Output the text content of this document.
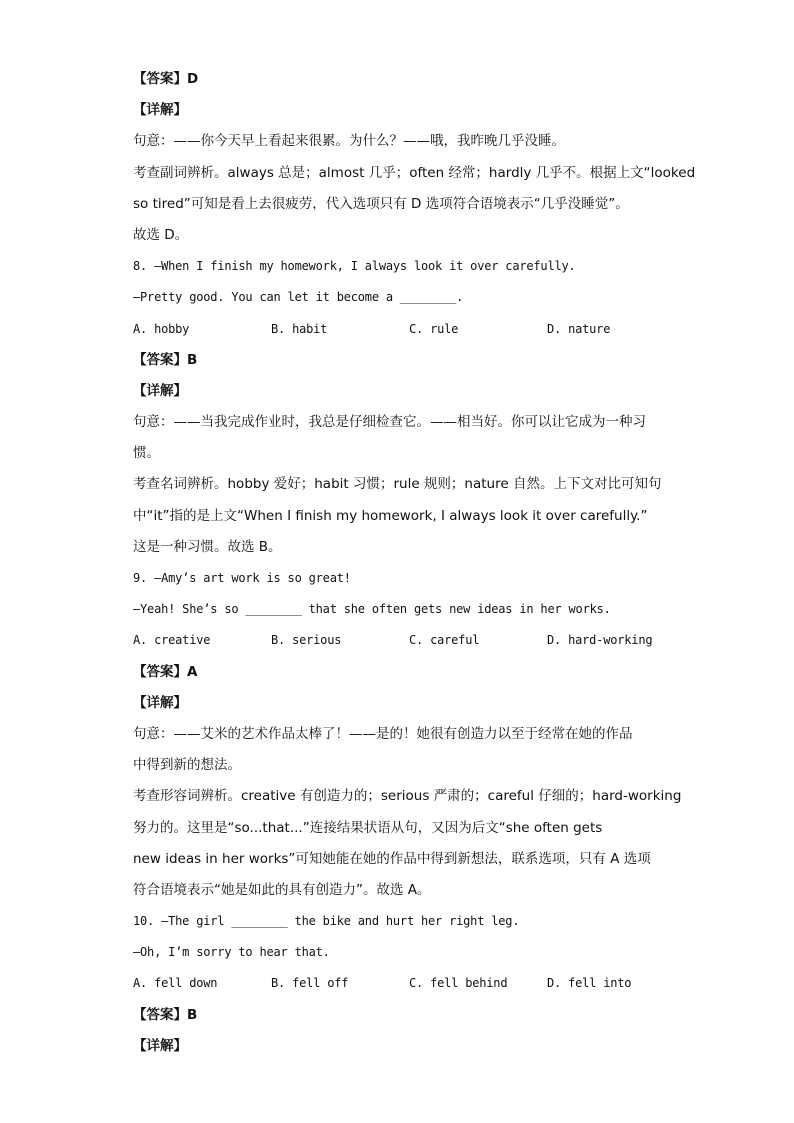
【答案】D
【详解】
句意：——你今天早上看起来很累。为什么？——哦，我昨晚几乎没睡。
考查副词辨析。always 总是；almost 几乎；often 经常；hardly 几乎不。根据上文“looked
so tired”可知是看上去很疲劳，代入选项只有 D 选项符合语境表示“几乎没睡觉”。
故选 D。
8. —When I finish my homework, I always look it over carefully.
—Pretty good. You can let it become a ________.
A. hobby	B. habit	C. rule	D. nature
【答案】B
【详解】
句意：——当我完成作业时，我总是仔细检查它。——相当好。你可以让它成为一种习
惯。
考查名词辨析。hobby 爱好；habit 习惯；rule 规则；nature 自然。上下文对比可知句
中“it”指的是上文“When I finish my homework, I always look it over carefully.”
这是一种习惯。故选 B。
9. —Amy’s art work is so great!
—Yeah! She’s so ________ that she often gets new ideas in her works.
A. creative	B. serious	C. careful	D. hard-working
【答案】A
【详解】
句意：——艾米的艺术作品太棒了！——是的！她很有创造力以至于经常在她的作品
中得到新的想法。
考查形容词辨析。creative 有创造力的；serious 严肃的；careful 仔细的；hard-working
努力的。这里是“so...that...”连接结果状语从句，又因为后文“she often gets
new ideas in her works”可知她能在她的作品中得到新想法，联系选项，只有 A 选项
符合语境表示“她是如此的具有创造力”。故选 A。
10. —The girl ________ the bike and hurt her right leg.
—Oh, I’m sorry to hear that.
A. fell down	B. fell off	C. fell behind	D. fell into
【答案】B
【详解】
